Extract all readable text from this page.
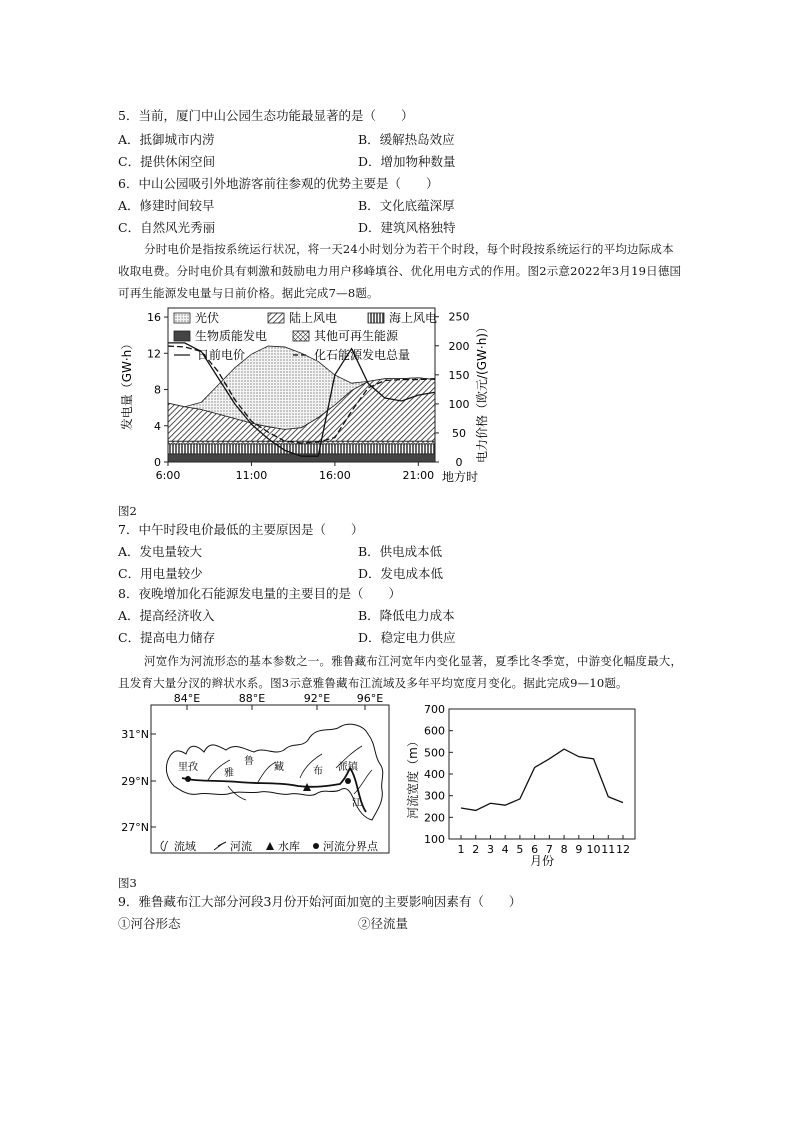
5．当前，厦门中山公园生态功能最显著的是（　　）
A．抵御城市内涝	B．缓解热岛效应
C．提供休闲空间	D．增加物种数量
6．中山公园吸引外地游客前往参观的优势主要是（　　）
A．修建时间较早	B．文化底蕴深厚
C．自然风光秀丽	D．建筑风格独特
分时电价是指按系统运行状况，将一天24小时划分为若干个时段，每个时段按系统运行的平均边际成本收取电费。分时电价具有刺激和鼓励电力用户移峰填谷、优化用电方式的作用。图2示意2022年3月19日德国可再生能源发电量与日前价格。据此完成7—8题。
光伏	陆上风电	海上风电
生物质能发电	其他可再生能源
日前电价	化石能源发电总量
0
4
8
12
16
0
50
100
150
200
250
6:00	11:00	16:00	21:00
发电量（GW·h）	电力价格（欧元/(GW·h)）
地方时
图2
7．中午时段电价最低的主要原因是（　　）
A．发电量较大	B．供电成本低
C．用电量较少	D．发电成本低
8．夜晚增加化石能源发电量的主要目的是（　　）
A．提高经济收入	B．降低电力成本
C．提高电力储存	D．稳定电力供应
河宽作为河流形态的基本参数之一。雅鲁藏布江河宽年内变化显著，夏季比冬季宽，中游变化幅度最大，且发育大量分汊的辫状水系。图3示意雅鲁藏布江流域及多年平均宽度月变化。据此完成9—10题。
84°E	88°E	92°E 96°E
31°N
29°N
27°N
里孜
雅
鲁
藏	布 派镇
江
流域	河流 水库 河流分界点
100
200
300
400
500
600
700
1 2 3 4 5 6 7 8 9 10 11 12
河流宽度（m）
月份
图3
9．雅鲁藏布江大部分河段3月份开始河面加宽的主要影响因素有（　　）
①河谷形态	②径流量
